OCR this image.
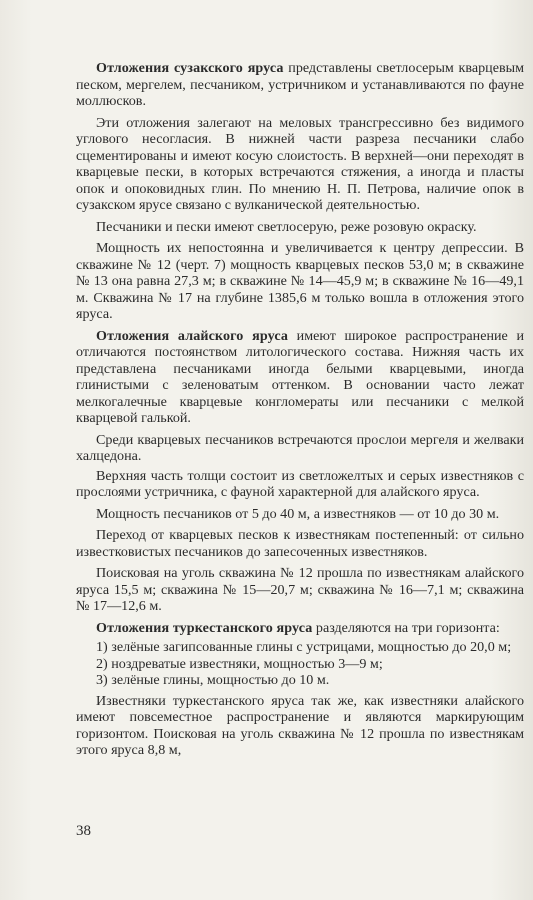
Отложения сузакского яруса представлены светлосерым кварцевым песком, мергелем, песчаником, устричником и устанавливаются по фауне моллюсков.

Эти отложения залегают на меловых трансгрессивно без видимого углового несогласия. В нижней части разреза песчаники слабо сцементированы и имеют косую слоистость. В верхней—они переходят в кварцевые пески, в которых встречаются стяжения, а иногда и пласты опок и опоковидных глин. По мнению Н. П. Петрова, наличие опок в сузакском ярусе связано с вулканической деятельностью.

Песчаники и пески имеют светлосерую, реже розовую окраску.

Мощность их непостоянна и увеличивается к центру депрессии. В скважине № 12 (черт. 7) мощность кварцевых песков 53,0 м; в скважине № 13 она равна 27,3 м; в скважине № 14—45,9 м; в скважине № 16—49,1 м. Скважина № 17 на глубине 1385,6 м только вошла в отложения этого яруса.

Отложения алайского яруса имеют широкое распространение и отличаются постоянством литологического состава. Нижняя часть их представлена песчаниками иногда белыми кварцевыми, иногда глинистыми с зеленоватым оттенком. В основании часто лежат мелкогалечные кварцевые конгломераты или песчаники с мелкой кварцевой галькой.

Среди кварцевых песчаников встречаются прослои мергеля и желваки халцедона.

Верхняя часть толщи состоит из светложелтых и серых известняков с прослоями устричника, с фауной характерной для алайского яруса.

Мощность песчаников от 5 до 40 м, а известняков — от 10 до 30 м.

Переход от кварцевых песков к известнякам постепенный: от сильно известковистых песчаников до запесоченных известняков.

Поисковая на уголь скважина № 12 прошла по известнякам алайского яруса 15,5 м; скважина № 15—20,7 м; скважина № 16—7,1 м; скважина № 17—12,6 м.

Отложения туркестанского яруса разделяются на три горизонта:

1) зелёные загипсованные глины с устрицами, мощностью до 20,0 м;

2) ноздреватые известняки, мощностью 3—9 м;

3) зелёные глины, мощностью до 10 м.

Известняки туркестанского яруса так же, как известняки алайского имеют повсеместное распространение и являются маркирующим горизонтом. Поисковая на уголь скважина № 12 прошла по известнякам этого яруса 8,8 м,

38
